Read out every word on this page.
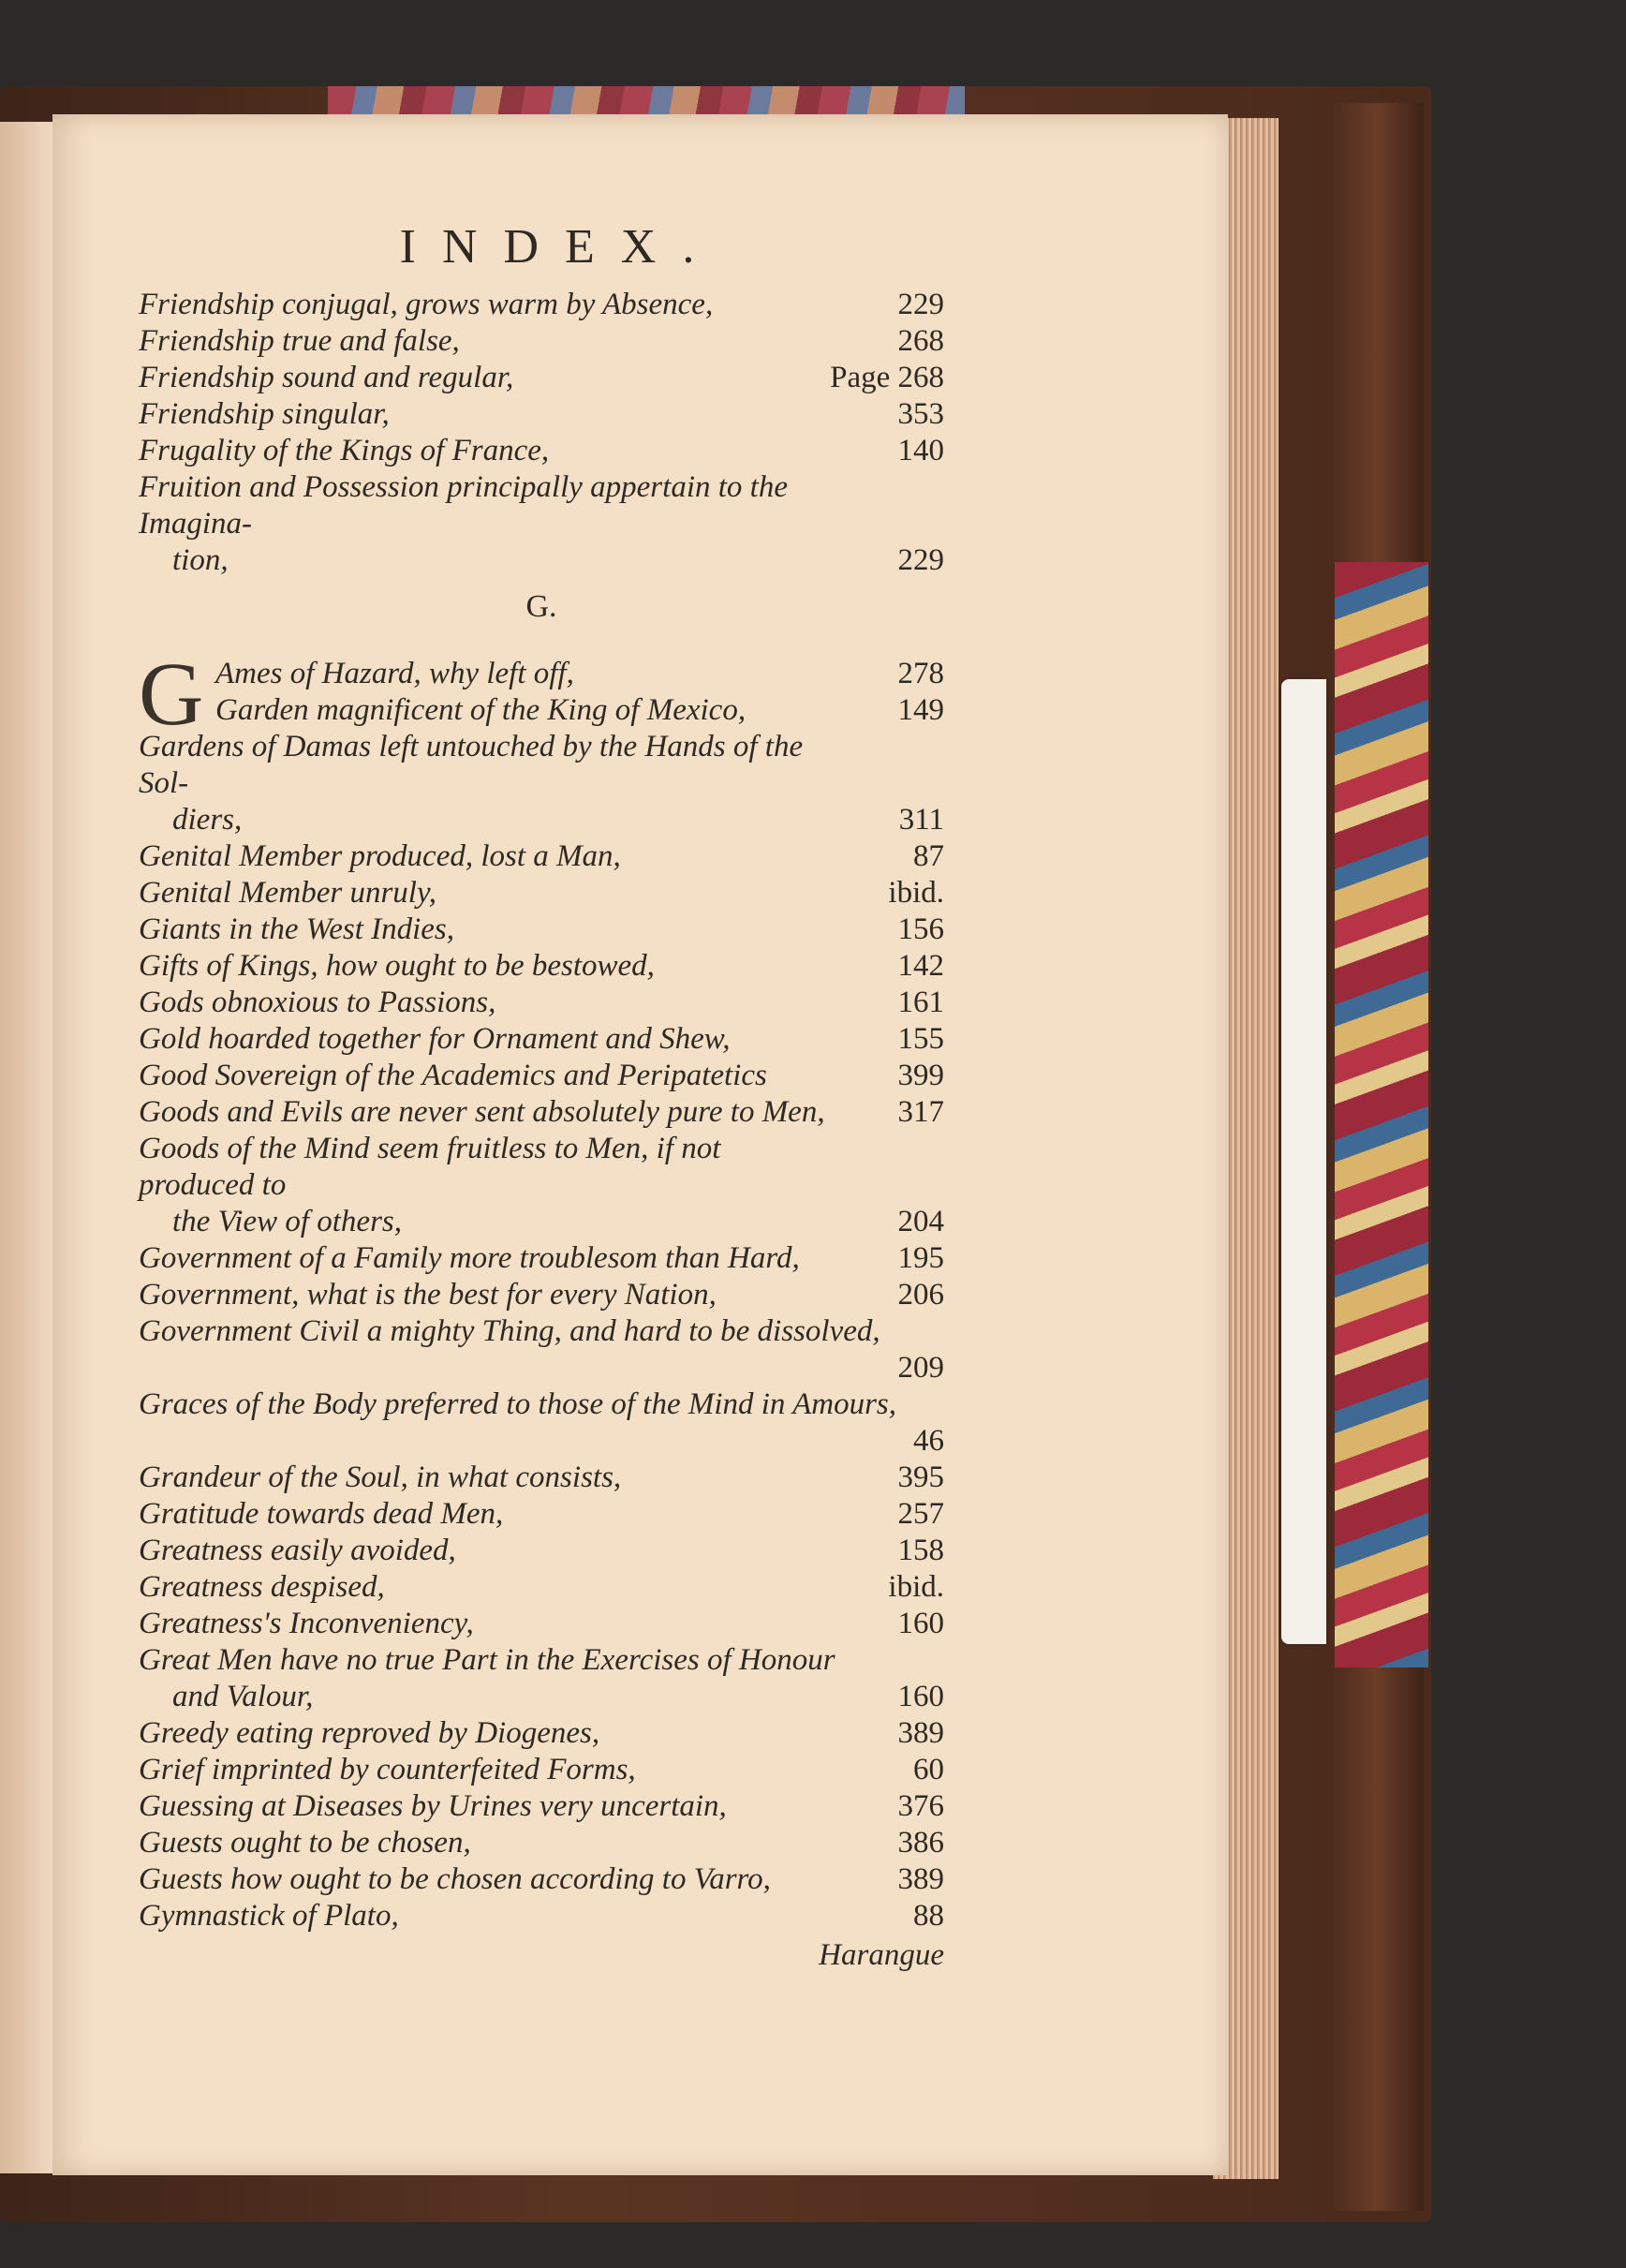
INDEX.
Friendship conjugal, grows warm by Absence,	229
Friendship true and false,	268
Friendship sound and regular,	Page 268
Friendship singular,	353
Frugality of the Kings of France,	140
Fruition and Possession principally appertain to the Imagina-
tion,	229
G.
G Ames of Hazard, why left off,	278
Garden magnificent of the King of Mexico,	149
Gardens of Damas left untouched by the Hands of the Sol-
diers,	311
Genital Member produced, lost a Man,	87
Genital Member unruly,	ibid.
Giants in the West Indies,	156
Gifts of Kings, how ought to be bestowed,	142
Gods obnoxious to Passions,	161
Gold hoarded together for Ornament and Shew,	155
Good Sovereign of the Academics and Peripatetics	399
Goods and Evils are never sent absolutely pure to Men, 317
Goods of the Mind seem fruitless to Men, if not produced to
the View of others,	204
Government of a Family more troublesom than Hard,	195
Government, what is the best for every Nation,	206
Government Civil a mighty Thing, and hard to be dissolved,
209
Graces of the Body preferred to those of the Mind in Amours,
46
Grandeur of the Soul, in what consists,	395
Gratitude towards dead Men,	257
Greatness easily avoided,	158
Greatness despised,	ibid.
Greatness's Inconveniency,	160
Great Men have no true Part in the Exercises of Honour
and Valour,	160
Greedy eating reproved by Diogenes,	389
Grief imprinted by counterfeited Forms,	60
Guessing at Diseases by Urines very uncertain,	376
Guests ought to be chosen,	386
Guests how ought to be chosen according to Varro,	389
Gymnastick of Plato,	88
Harangue
